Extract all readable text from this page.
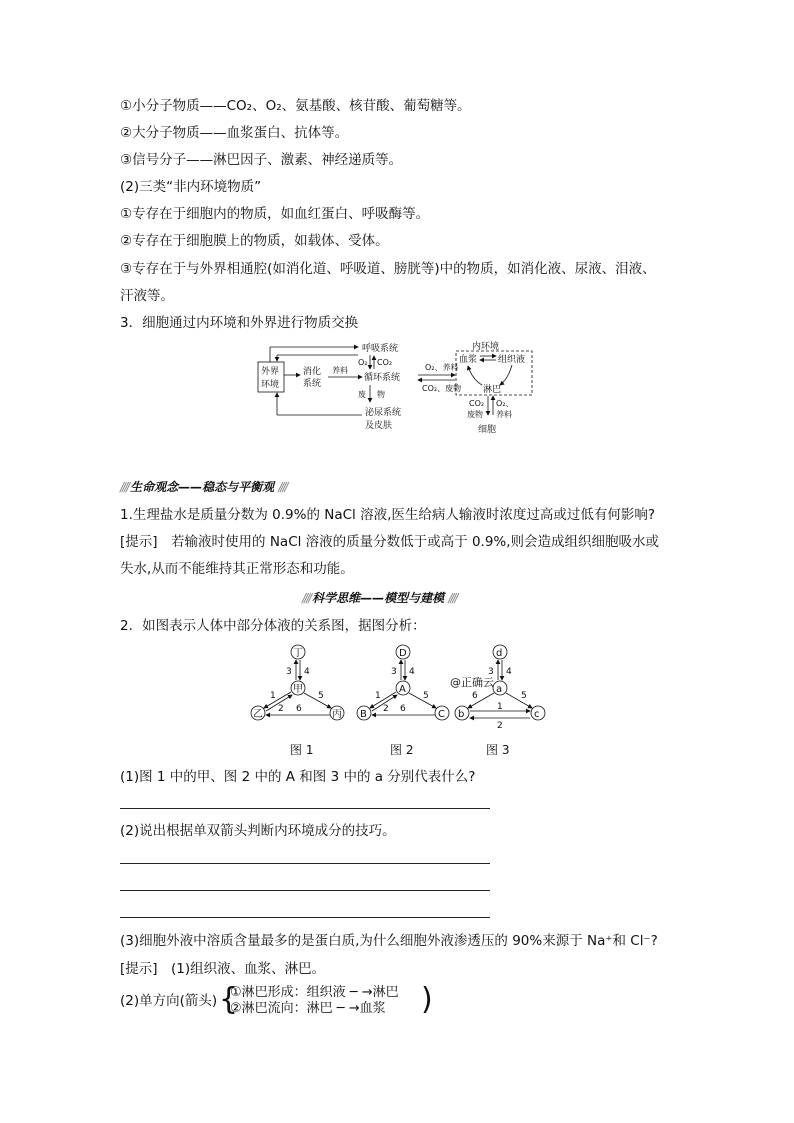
①小分子物质——CO₂、O₂、氨基酸、核苷酸、葡萄糖等。
②大分子物质——血浆蛋白、抗体等。
③信号分子——淋巴因子、激素、神经递质等。
(2)三类“非内环境物质”
①专存在于细胞内的物质，如血红蛋白、呼吸酶等。
②专存在于细胞膜上的物质，如载体、受体。
③专存在于与外界相通腔(如消化道、呼吸道、膀胱等)中的物质，如消化液、尿液、泪液、
汗液等。
3．细胞通过内环境和外界进行物质交换
外界
环境
消化
系统
养料
呼吸系统
O₂ CO₂
循环系统
废 物
O₂、养料
CO₂、废物
泌尿系统
及皮肤
内环境
血浆 组织液
淋巴
CO₂
废物
O₂、
养料
细胞
//// 生命观念——稳态与平衡观 ////
1.生理盐水是质量分数为 0.9%的 NaCl 溶液,医生给病人输液时浓度过高或过低有何影响?
[提示]　若输液时使用的 NaCl 溶液的质量分数低于或高于 0.9%,则会造成组织细胞吸水或
失水,从而不能维持其正常形态和功能。
//// 科学思维——模型与建模 ////
2．如图表示人体中部分体液的关系图，据图分析：
丁
甲
乙	丙
3 4
1	5
2 6
图 1
D
A
B	C
3 4
1	5
2 6
图 2
d
a
b	c
@正确云
3 4
6	5
1
2
图 3
(1)图 1 中的甲、图 2 中的 A 和图 3 中的 a 分别代表什么?
(2)说出根据单双箭头判断内环境成分的技巧。
(3)细胞外液中溶质含量最多的是蛋白质,为什么细胞外液渗透压的 90%来源于 Na⁺和 Cl⁻?
[提示]　(1)组织液、血浆、淋巴。
(2)单方向(箭头) {
①淋巴形成：组织液 ─ →淋巴
②淋巴流向：淋巴 ─ →血浆 )
